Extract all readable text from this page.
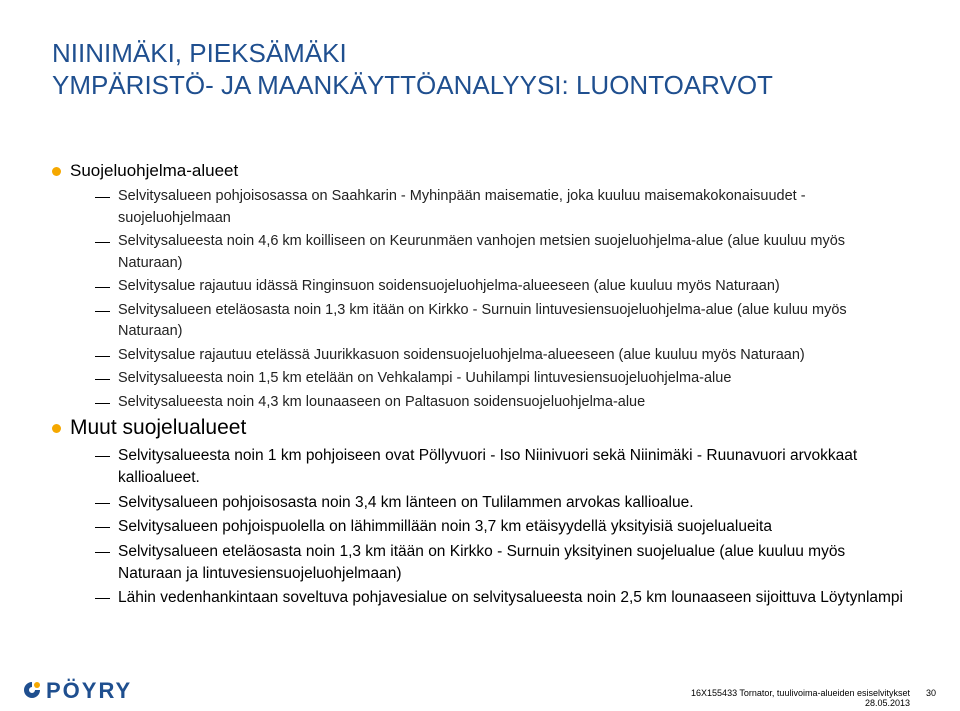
NIINIMÄKI, PIEKSÄMÄKI
YMPÄRISTÖ- JA MAANKÄYTTÖANALYYSI: LUONTOARVOT
Suojeluohjelma-alueet
Selvitysalueen pohjoisosassa on Saahkarin - Myhinpään maisematie, joka kuuluu maisemakokonaisuudet - suojeluohjelmaan
Selvitysalueesta noin 4,6 km koilliseen on Keurunmäen vanhojen metsien suojeluohjelma-alue (alue kuuluu myös Naturaan)
Selvitysalue rajautuu idässä Ringinsuon soidensuojeluohjelma-alueeseen (alue kuuluu myös Naturaan)
Selvitysalueen eteläosasta noin 1,3 km itään on Kirkko - Surnuin lintuvesiensuojeluohjelma-alue (alue kuluu myös Naturaan)
Selvitysalue rajautuu etelässä Juurikkasuon soidensuojeluohjelma-alueeseen (alue kuuluu myös Naturaan)
Selvitysalueesta noin 1,5 km etelään on Vehkalampi - Uuhilampi lintuvesiensuojeluohjelma-alue
Selvitysalueesta noin 4,3 km lounaaseen on Paltasuon soidensuojeluohjelma-alue
Muut suojelualueet
Selvitysalueesta noin 1 km pohjoiseen ovat Pöllyvuori - Iso Niinivuori sekä Niinimäki - Ruunavuori arvokkaat kallioalueet.
Selvitysalueen pohjoisosasta noin 3,4 km länteen on Tulilammen arvokas kallioalue.
Selvitysalueen pohjoispuolella on lähimmillään noin 3,7 km etäisyydellä yksityisiä suojelualueita
Selvitysalueen eteläosasta noin 1,3 km itään on Kirkko - Surnuin yksityinen suojelualue (alue kuuluu myös Naturaan ja lintuvesiensuojeluohjelmaan)
Lähin vedenhankintaan soveltuva pohjavesialue on selvitysalueesta noin 2,5 km lounaaseen sijoittuva Löytynlampi
PÖYRY	16X155433 Tornator, tuulivoima-alueiden esiselvitykset
28.05.2013
30
